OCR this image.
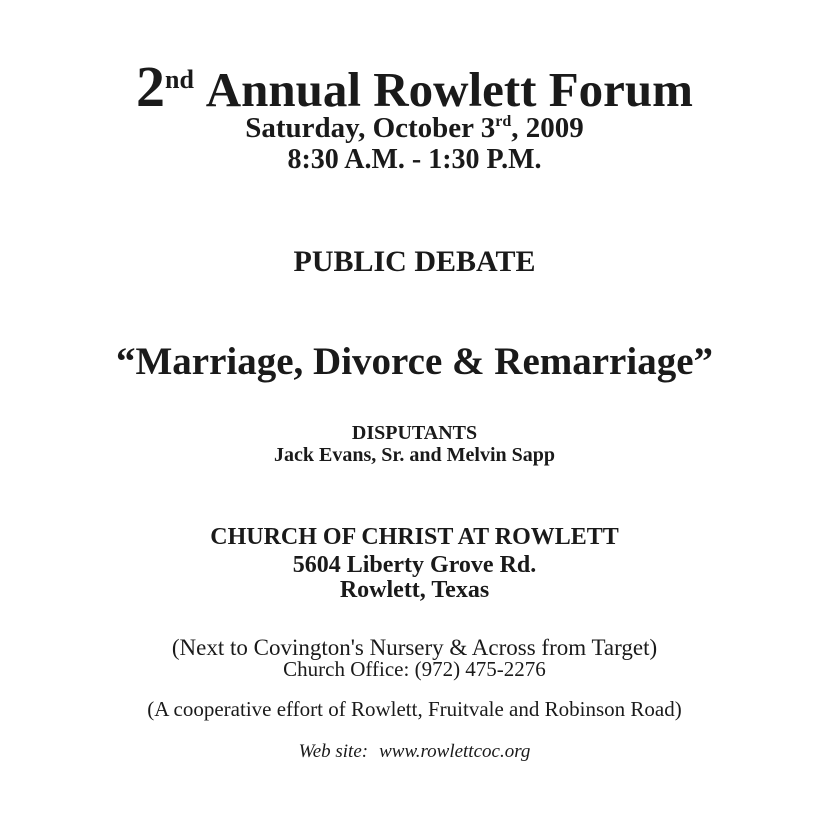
2nd Annual Rowlett Forum
Saturday, October 3rd, 2009
8:30 A.M. - 1:30 P.M.
PUBLIC DEBATE
“Marriage, Divorce & Remarriage”
DISPUTANTS
Jack Evans, Sr. and Melvin Sapp
CHURCH OF CHRIST AT ROWLETT
5604 Liberty Grove Rd.
Rowlett, Texas
(Next to Covington's Nursery & Across from Target)
Church Office: (972) 475-2276
(A cooperative effort of Rowlett, Fruitvale and Robinson Road)
Web site: www.rowlettcoc.org
